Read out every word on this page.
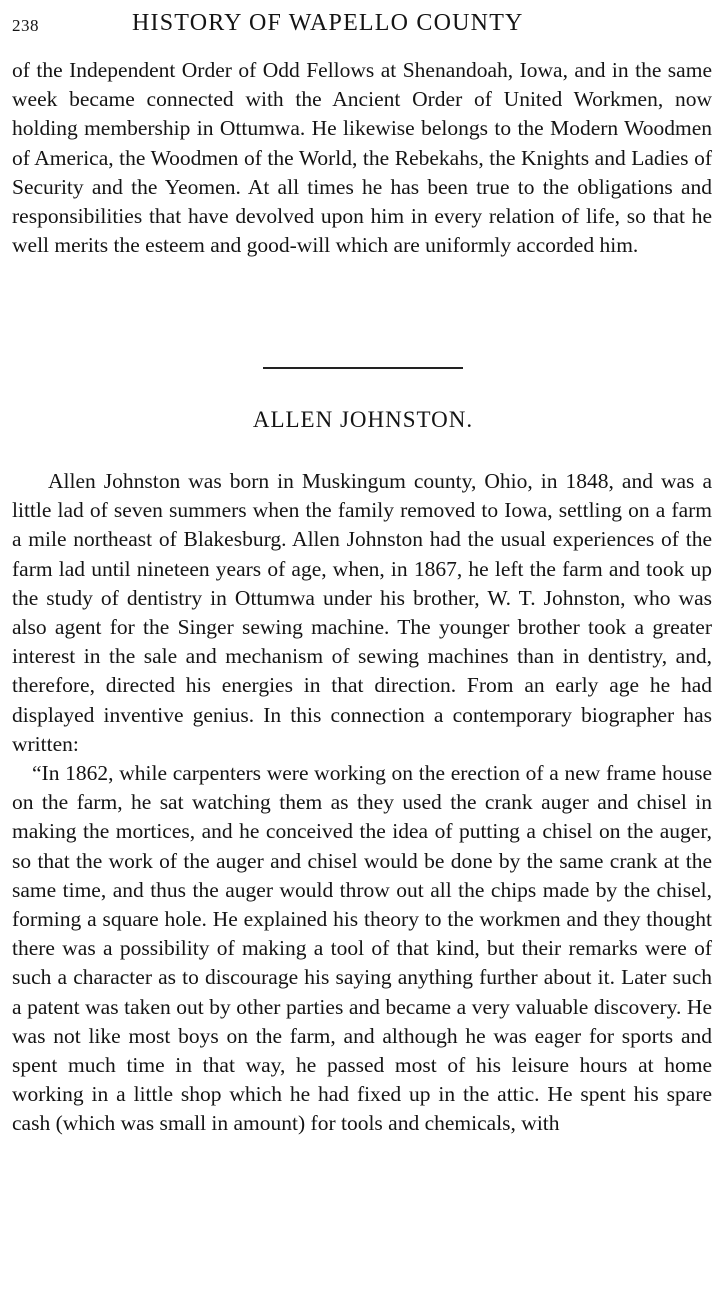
238	HISTORY OF WAPELLO COUNTY

of the Independent Order of Odd Fellows at Shenandoah, Iowa, and in the same week became connected with the Ancient Order of United Workmen, now holding membership in Ottumwa. He likewise belongs to the Modern Woodmen of America, the Woodmen of the World, the Rebekahs, the Knights and Ladies of Security and the Yeomen. At all times he has been true to the obligations and responsibilities that have devolved upon him in every relation of life, so that he well merits the esteem and good-will which are uniformly accorded him.

ALLEN JOHNSTON.

Allen Johnston was born in Muskingum county, Ohio, in 1848, and was a little lad of seven summers when the family removed to Iowa, settling on a farm a mile northeast of Blakesburg. Allen Johnston had the usual experiences of the farm lad until nineteen years of age, when, in 1867, he left the farm and took up the study of dentistry in Ottumwa under his brother, W. T. Johnston, who was also agent for the Singer sewing machine. The younger brother took a greater interest in the sale and mechanism of sewing machines than in dentistry, and, therefore, directed his energies in that direction. From an early age he had displayed inventive genius. In this connection a contemporary biographer has written:

“In 1862, while carpenters were working on the erection of a new frame house on the farm, he sat watching them as they used the crank auger and chisel in making the mortices, and he conceived the idea of putting a chisel on the auger, so that the work of the auger and chisel would be done by the same crank at the same time, and thus the auger would throw out all the chips made by the chisel, forming a square hole. He explained his theory to the workmen and they thought there was a possibility of making a tool of that kind, but their remarks were of such a character as to discourage his saying anything further about it. Later such a patent was taken out by other parties and became a very valuable discovery. He was not like most boys on the farm, and although he was eager for sports and spent much time in that way, he passed most of his leisure hours at home working in a little shop which he had fixed up in the attic. He spent his spare cash (which was small in amount) for tools and chemicals, with
